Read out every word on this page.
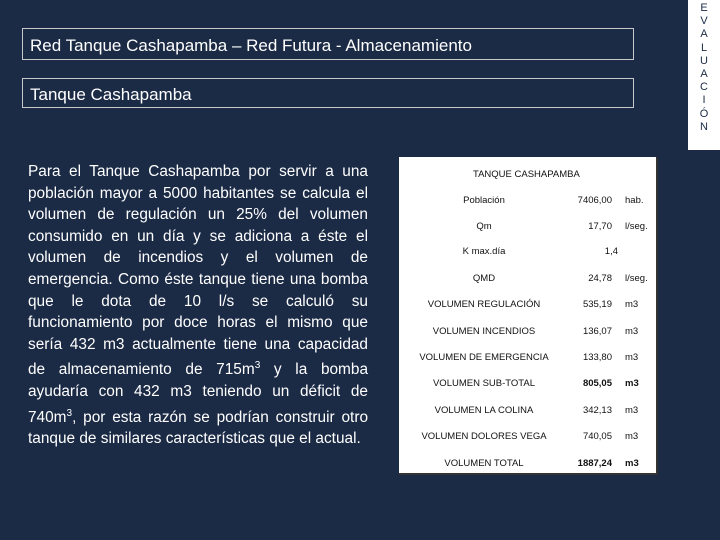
E
V
A
L
U
A
C
I
Ó
N
Red Tanque Cashapamba – Red Futura - Almacenamiento
Tanque Cashapamba
Para el Tanque Cashapamba por servir a una población mayor a 5000 habitantes se calcula el volumen de regulación un 25% del volumen consumido en un día y se adiciona a éste el volumen de incendios y el volumen de emergencia. Como éste tanque tiene una bomba que le dota de 10 l/s se calculó su funcionamiento por doce horas el mismo que sería 432 m3 actualmente tiene una capacidad de almacenamiento de $715m^3$ y la bomba ayudaría con 432 m3 teniendo un déficit de $740m^3$, por esta razón se podrían construir otro tanque de similares características que el actual.
TANQUE CASHAPAMBA
Población	7406,00 hab.
Qm	17,70 l/seg.
K max.día	1,4
QMD	24,78 l/seg.
VOLUMEN REGULACIÓN	535,19 m3
VOLUMEN INCENDIOS	136,07 m3
VOLUMEN DE EMERGENCIA	133,80 m3
VOLUMEN SUB-TOTAL	805,05 m3
VOLUMEN LA COLINA	342,13 m3
VOLUMEN DOLORES VEGA	740,05 m3
VOLUMEN TOTAL	1887,24 m3
